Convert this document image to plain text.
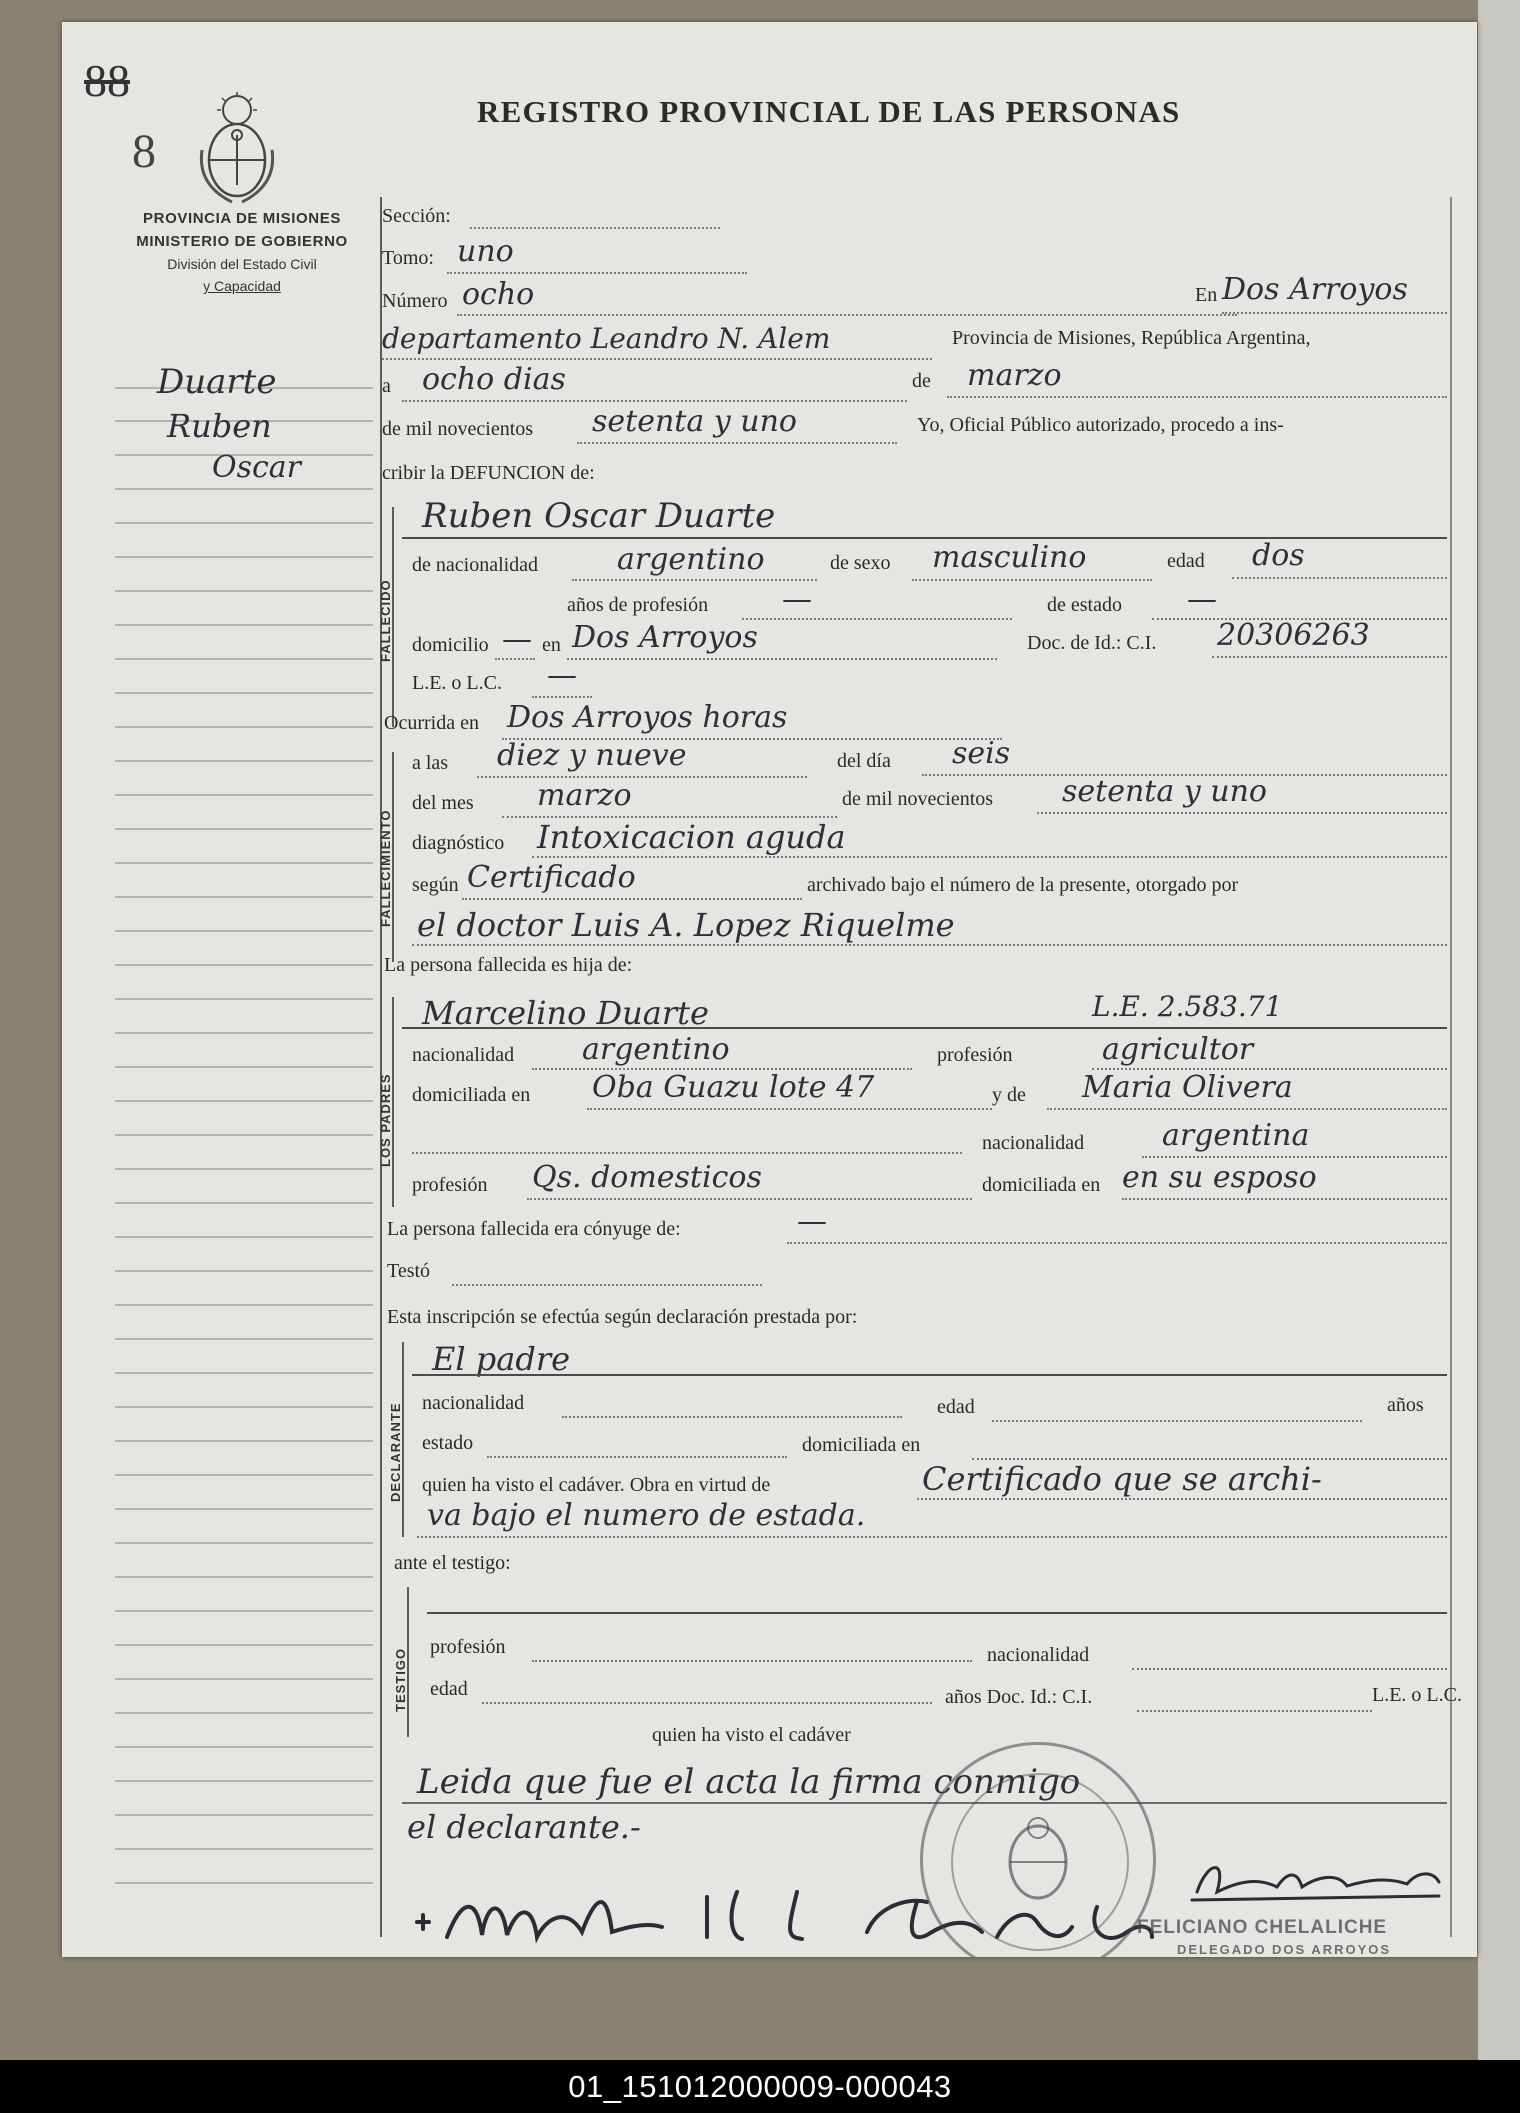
88
8
REGISTRO PROVINCIAL DE LAS PERSONAS
PROVINCIA DE MISIONES
MINISTERIO DE GOBIERNO
División del Estado Civil
y Capacidad
Duarte
Ruben
Oscar
Sección:
Tomo: uno
Número ocho	En Dos Arroyos
departamento Leandro N. Alem	Provincia de Misiones, República Argentina,
a ocho dias	de marzo
de mil novecientos setenta y uno	Yo, Oficial Público autorizado, procedo a ins-
cribir la DEFUNCION de:
FALLECIDO
Ruben Oscar Duarte
de nacionalidad	argentino	de sexo masculino	edad dos
años de profesión —	de estado —
domicilio — en Dos Arroyos	Doc. de Id.: C.I. 20306263
L.E. o L.C. —
Ocurrida en Dos Arroyos horas
FALLECIMIENTO
a las diez y nueve	del día seis
del mes marzo	de mil novecientos setenta y uno
diagnóstico Intoxicacion aguda
según Certificado	archivado bajo el número de la presente, otorgado por
el doctor Luis A. Lopez Riquelme
La persona fallecida es hija de:
LOS PADRES
Marcelino Duarte	L.E. 2.583.71
nacionalidad argentino	profesión	agricultor
domiciliada en Oba Guazu lote 47	y de Maria Olivera
nacionalidad	argentina
profesión Qs. domesticos	domiciliada en en su esposo
La persona fallecida era cónyuge de:	—
Testó
Esta inscripción se efectúa según declaración prestada por:
DECLARANTE
El padre
nacionalidad	edad	años
estado	domiciliada en
quien ha visto el cadáver. Obra en virtud de	Certificado que se archi-
va bajo el numero de estada.
ante el testigo:
TESTIGO
profesión	nacionalidad
edad	años Doc. Id.: C.I.	L.E. o L.C.
quien ha visto el cadáver
Leida que fue el acta la firma conmigo
el declarante.-
FELICIANO CHELALICHE
DELEGADO DOS ARROYOS
01_151012000009-000043
